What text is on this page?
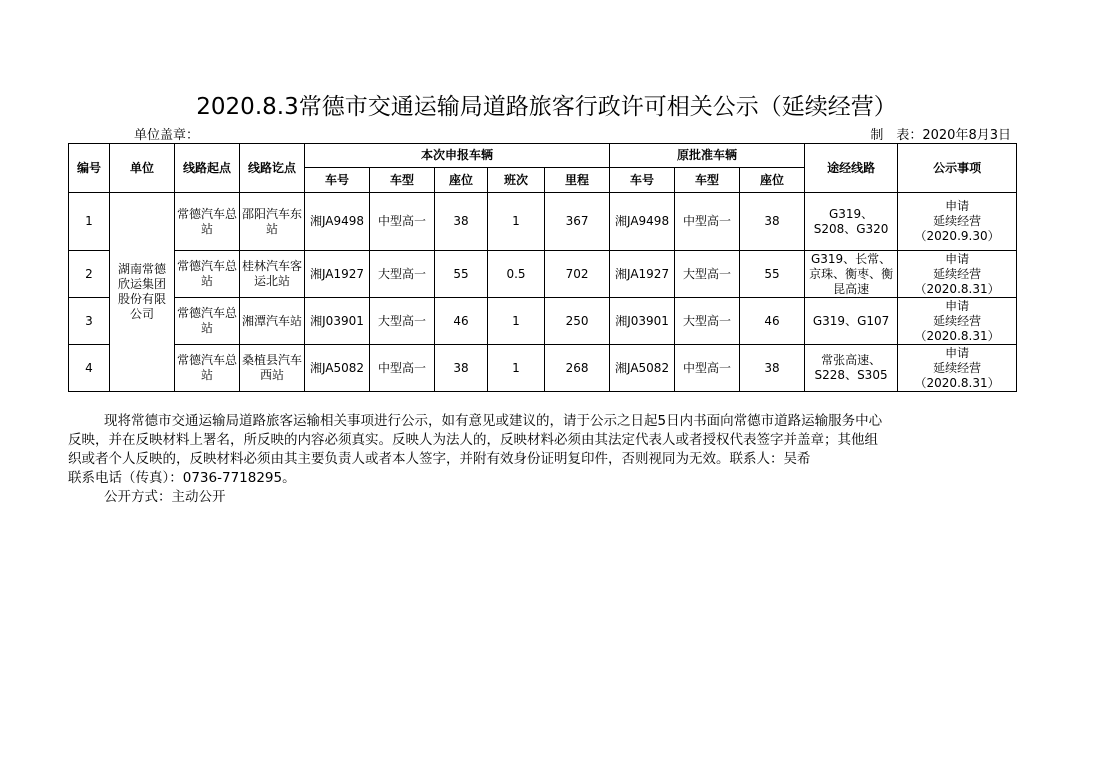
2020.8.3常德市交通运输局道路旅客行政许可相关公示（延续经营）
单位盖章：	制　表：2020年8月3日
编号	单位	线路起点	线路讫点	本次申报车辆					原批准车辆			途经线路	公示事项
				车号	车型	座位	班次	里程	车号	车型	座位		
1	湖南常德欣运集团股份有限公司	常德汽车总站	邵阳汽车东站	湘JA9498	中型高一	38	1	367	湘JA9498	中型高一	38	G319、S208、G320	申请
延续经营
（2020.9.30）

2		常德汽车总站	桂林汽车客运北站	湘JA1927	大型高一	55	0.5	702	湘JA1927	大型高一	55	G319、长常、京珠、衡枣、衡昆高速	申请
延续经营
（2020.8.31）

3		常德汽车总站	湘潭汽车站	湘J03901	大型高一	46	1	250	湘J03901	大型高一	46	G319、G107	申请
延续经营
（2020.8.31）

4		常德汽车总站	桑植县汽车西站	湘JA5082	中型高一	38	1	268	湘JA5082	中型高一	38	常张高速、S228、S305	申请
延续经营
（2020.8.31）

现将常德市交通运输局道路旅客运输相关事项进行公示，如有意见或建议的，请于公示之日起5日内书面向常德市道路运输服务中心

反映，并在反映材料上署名，所反映的内容必须真实。反映人为法人的，反映材料必须由其法定代表人或者授权代表签字并盖章；其他组

织或者个人反映的，反映材料必须由其主要负责人或者本人签字，并附有效身份证明复印件，否则视同为无效。联系人：吴希

联系电话（传真）：0736-7718295。

公开方式：主动公开
